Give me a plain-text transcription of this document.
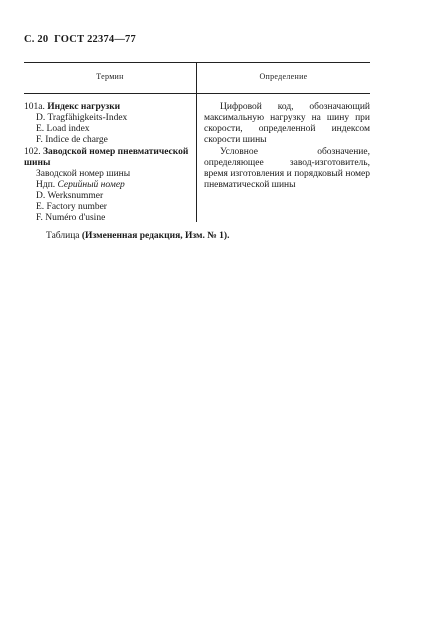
С. 20 ГОСТ 22374—77
Термин	Определение
101a. Индекс нагрузки
D. Tragfähigkeits-Index
E. Load index
F. Indice de charge
Цифровой код, обозначающий максимальную нагрузку на шину при скорости, определенной индексом скорости шины
102. Заводской номер пневматической шины
Заводской номер шины
Ндп. Серийный номер
D. Werksnummer
E. Factory number
F. Numéro d'usine
Условное обозначение, определяющее завод-изготовитель, время изготовления и порядковый номер пневматической шины
Таблица (Измененная редакция, Изм. № 1).
